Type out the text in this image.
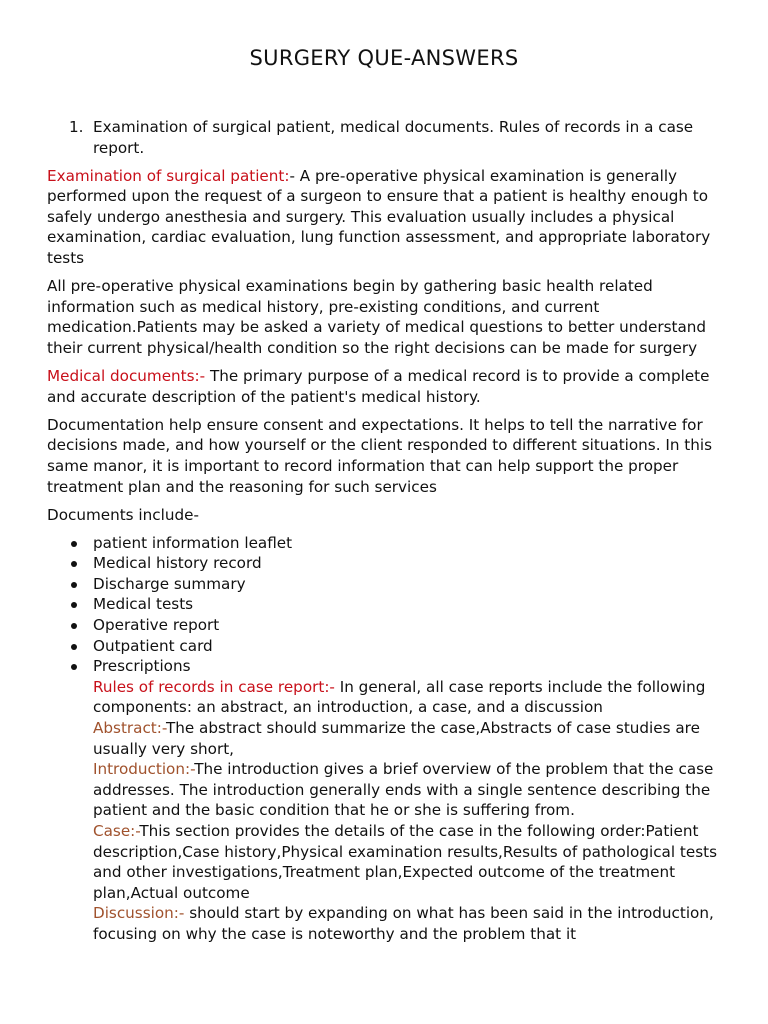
SURGERY QUE-ANSWERS
1. Examination of surgical patient, medical documents. Rules of records in a case report.

Examination of surgical patient:- A pre-operative physical examination is generally performed upon the request of a surgeon to ensure that a patient is healthy enough to safely undergo anesthesia and surgery. This evaluation usually includes a physical examination, cardiac evaluation, lung function assessment, and appropriate laboratory tests

All pre-operative physical examinations begin by gathering basic health related information such as medical history, pre-existing conditions, and current medication.Patients may be asked a variety of medical questions to better understand their current physical/health condition so the right decisions can be made for surgery

Medical documents:- The primary purpose of a medical record is to provide a complete and accurate description of the patient's medical history.

Documentation help ensure consent and expectations. It helps to tell the narrative for decisions made, and how yourself or the client responded to different situations. In this same manor, it is important to record information that can help support the proper treatment plan and the reasoning for such services

Documents include-

patient information leaflet
Medical history record
Discharge summary
Medical tests
Operative report
Outpatient card
Prescriptions
Rules of records in case report:- In general, all case reports include the following components: an abstract, an introduction, a case, and a discussion
Abstract:-The abstract should summarize the case,Abstracts of case studies are usually very short,
Introduction:-The introduction gives a brief overview of the problem that the case addresses. The introduction generally ends with a single sentence describing the patient and the basic condition that he or she is suffering from.
Case:-This section provides the details of the case in the following order:Patient description,Case history,Physical examination results,Results of pathological tests and other investigations,Treatment plan,Expected outcome of the treatment plan,Actual outcome
Discussion:- should start by expanding on what has been said in the introduction, focusing on why the case is noteworthy and the problem that it
